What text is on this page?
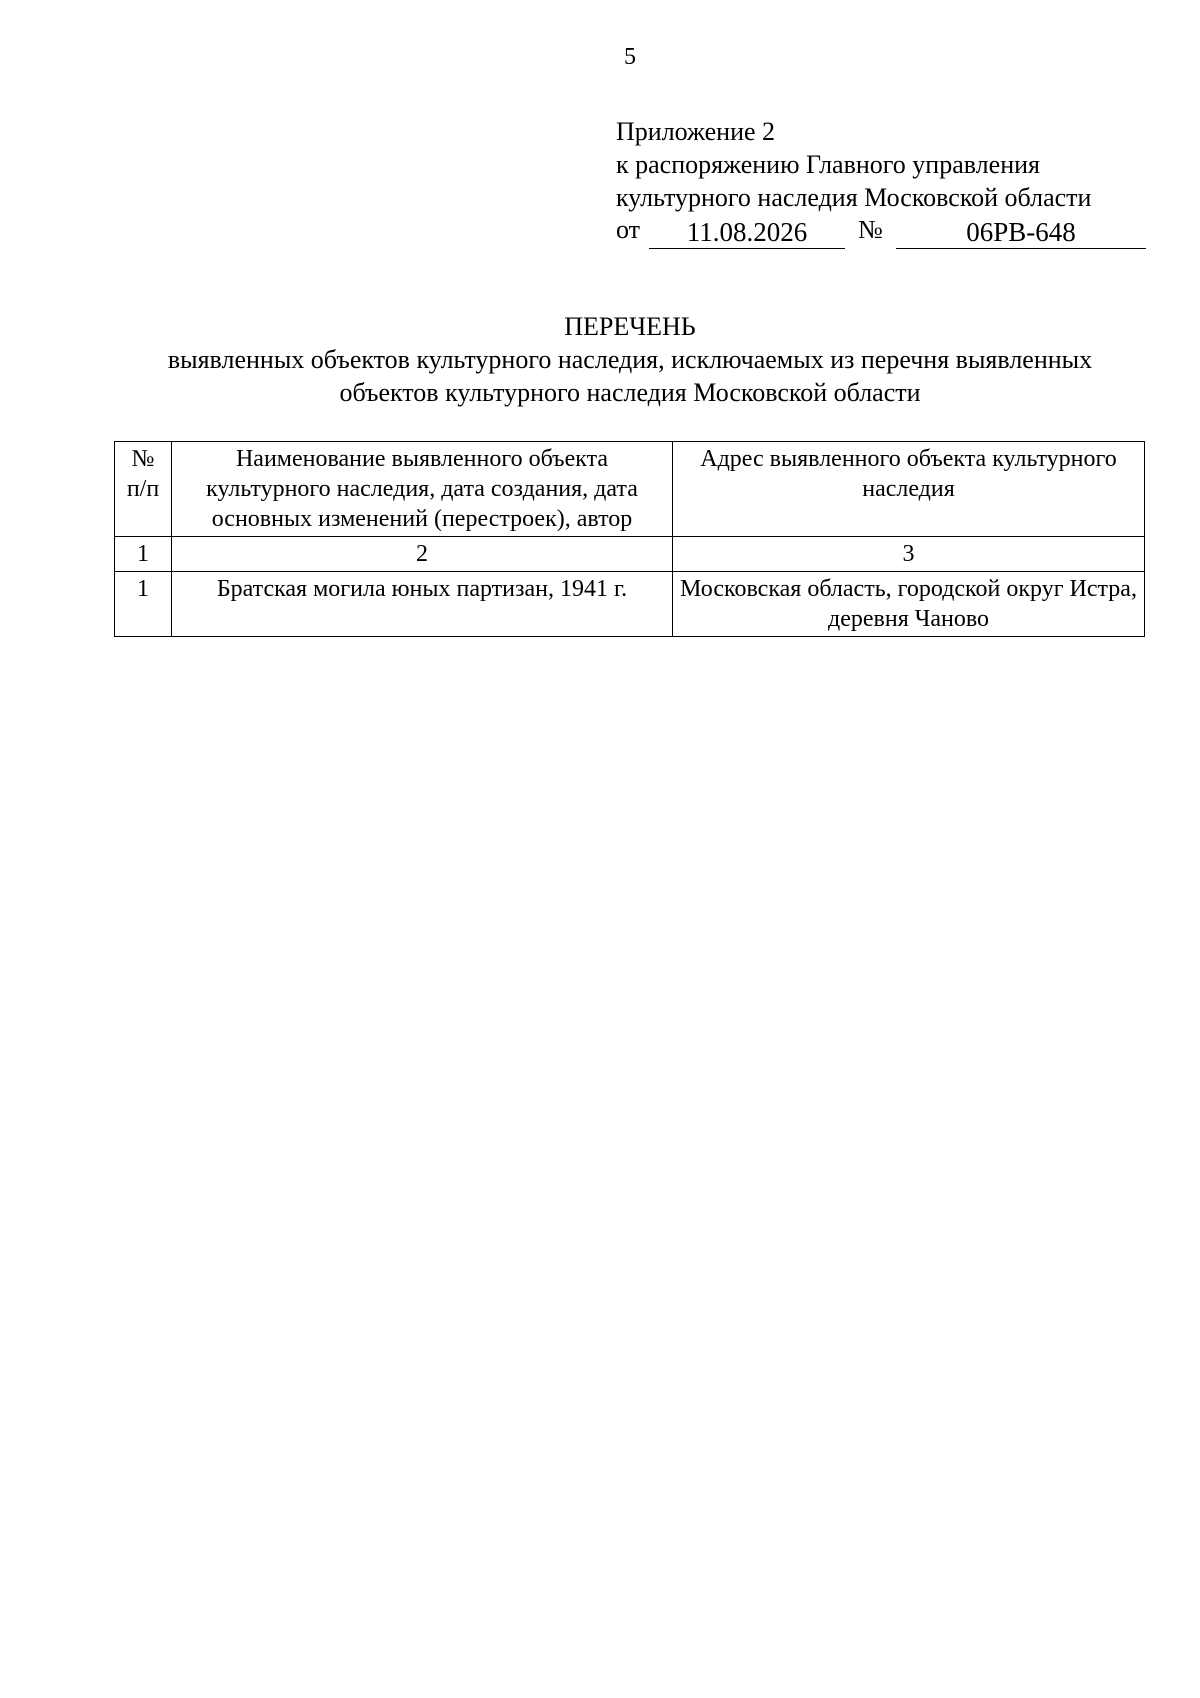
5
Приложение 2
к распоряжению Главного управления
культурного наследия Московской области
от	11.08.2026	№	06РВ-648
ПЕРЕЧЕНЬ
выявленных объектов культурного наследия, исключаемых из перечня выявленных
объектов культурного наследия Московской области
№ п/п	Наименование выявленного объекта культурного наследия, дата создания, дата основных изменений (перестроек), автор	Адрес выявленного объекта культурного наследия
1	2	3
1	Братская могила юных партизан, 1941 г.	Московская область, городской округ Истра, деревня Чаново
